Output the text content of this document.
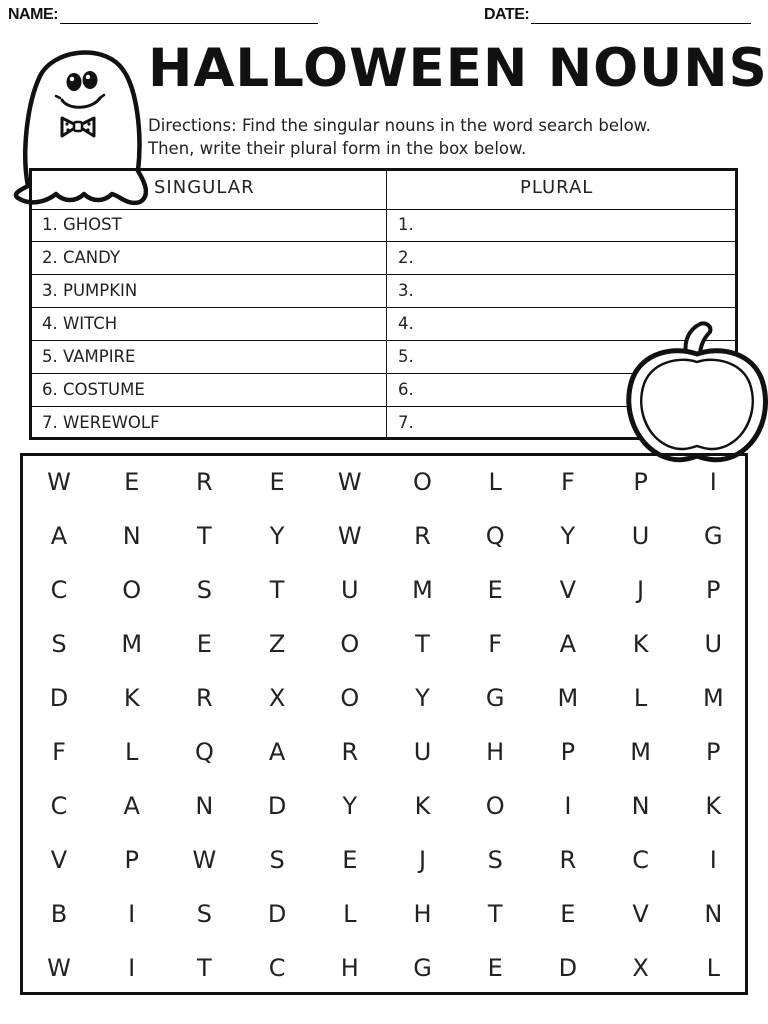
NAME:	DATE:
HALLOWEEN NOUNS
Directions: Find the singular nouns in the word search below.
Then, write their plural form in the box below.
SINGULAR	PLURAL
1. GHOST	1.
2. CANDY	2.
3. PUMPKIN	3.
4. WITCH	4.
5. VAMPIRE	5.
6. COSTUME	6.
7. WEREWOLF	7.
W	E	R	E	W	O	L	F	P	I
A	N	T	Y	W	R	Q	Y	U	G
C	O	S	T	U	M	E	V	J	P
S	M	E	Z	O	T	F	A	K	U
D	K	R	X	O	Y	G	M	L	M
F	L	Q	A	R	U	H	P	M	P
C	A	N	D	Y	K	O	I	N	K
V	P	W	S	E	J	S	R	C	I
B	I	S	D	L	H	T	E	V	N
W	I	T	C	H	G	E	D	X	L
